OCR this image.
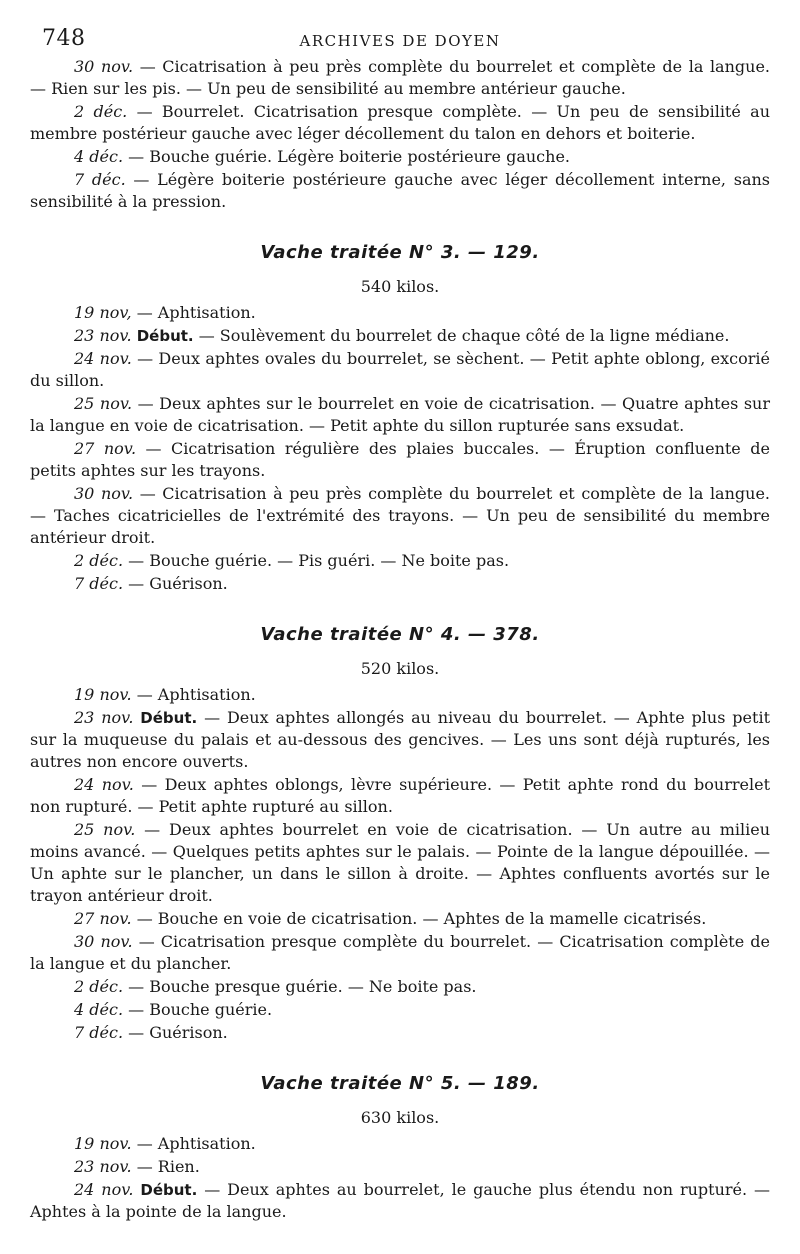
748	ARCHIVES DE DOYEN

30 nov. — Cicatrisation à peu près complète du bourrelet et complète de la langue. — Rien sur les pis. — Un peu de sensibilité au membre antérieur gauche.

2 déc. — Bourrelet. Cicatrisation presque complète. — Un peu de sensibilité au membre postérieur gauche avec léger décollement du talon en dehors et boiterie.

4 déc. — Bouche guérie. Légère boiterie postérieure gauche.

7 déc. — Légère boiterie postérieure gauche avec léger décollement interne, sans sensibilité à la pression.

Vache traitée N° 3. — 129.
540 kilos.

19 nov, — Aphtisation.

23 nov. Début. — Soulèvement du bourrelet de chaque côté de la ligne médiane.

24 nov. — Deux aphtes ovales du bourrelet, se sèchent. — Petit aphte oblong, excorié du sillon.

25 nov. — Deux aphtes sur le bourrelet en voie de cicatrisation. — Quatre aphtes sur la langue en voie de cicatrisation. — Petit aphte du sillon rupturée sans exsudat.

27 nov. — Cicatrisation régulière des plaies buccales. — Éruption confluente de petits aphtes sur les trayons.

30 nov. — Cicatrisation à peu près complète du bourrelet et complète de la langue. — Taches cicatricielles de l'extrémité des trayons. — Un peu de sensibilité du membre antérieur droit.

2 déc. — Bouche guérie. — Pis guéri. — Ne boite pas.

7 déc. — Guérison.

Vache traitée N° 4. — 378.
520 kilos.

19 nov. — Aphtisation.

23 nov. Début. — Deux aphtes allongés au niveau du bourrelet. — Aphte plus petit sur la muqueuse du palais et au-dessous des gencives. — Les uns sont déjà rupturés, les autres non encore ouverts.

24 nov. — Deux aphtes oblongs, lèvre supérieure. — Petit aphte rond du bourrelet non rupturé. — Petit aphte rupturé au sillon.

25 nov. — Deux aphtes bourrelet en voie de cicatrisation. — Un autre au milieu moins avancé. — Quelques petits aphtes sur le palais. — Pointe de la langue dépouillée. — Un aphte sur le plancher, un dans le sillon à droite. — Aphtes confluents avortés sur le trayon antérieur droit.

27 nov. — Bouche en voie de cicatrisation. — Aphtes de la mamelle cicatrisés.

30 nov. — Cicatrisation presque complète du bourrelet. — Cicatrisation complète de la langue et du plancher.

2 déc. — Bouche presque guérie. — Ne boite pas.

4 déc. — Bouche guérie.

7 déc. — Guérison.

Vache traitée N° 5. — 189.
630 kilos.

19 nov. — Aphtisation.

23 nov. — Rien.

24 nov. Début. — Deux aphtes au bourrelet, le gauche plus étendu non rupturé. — Aphtes à la pointe de la langue.
